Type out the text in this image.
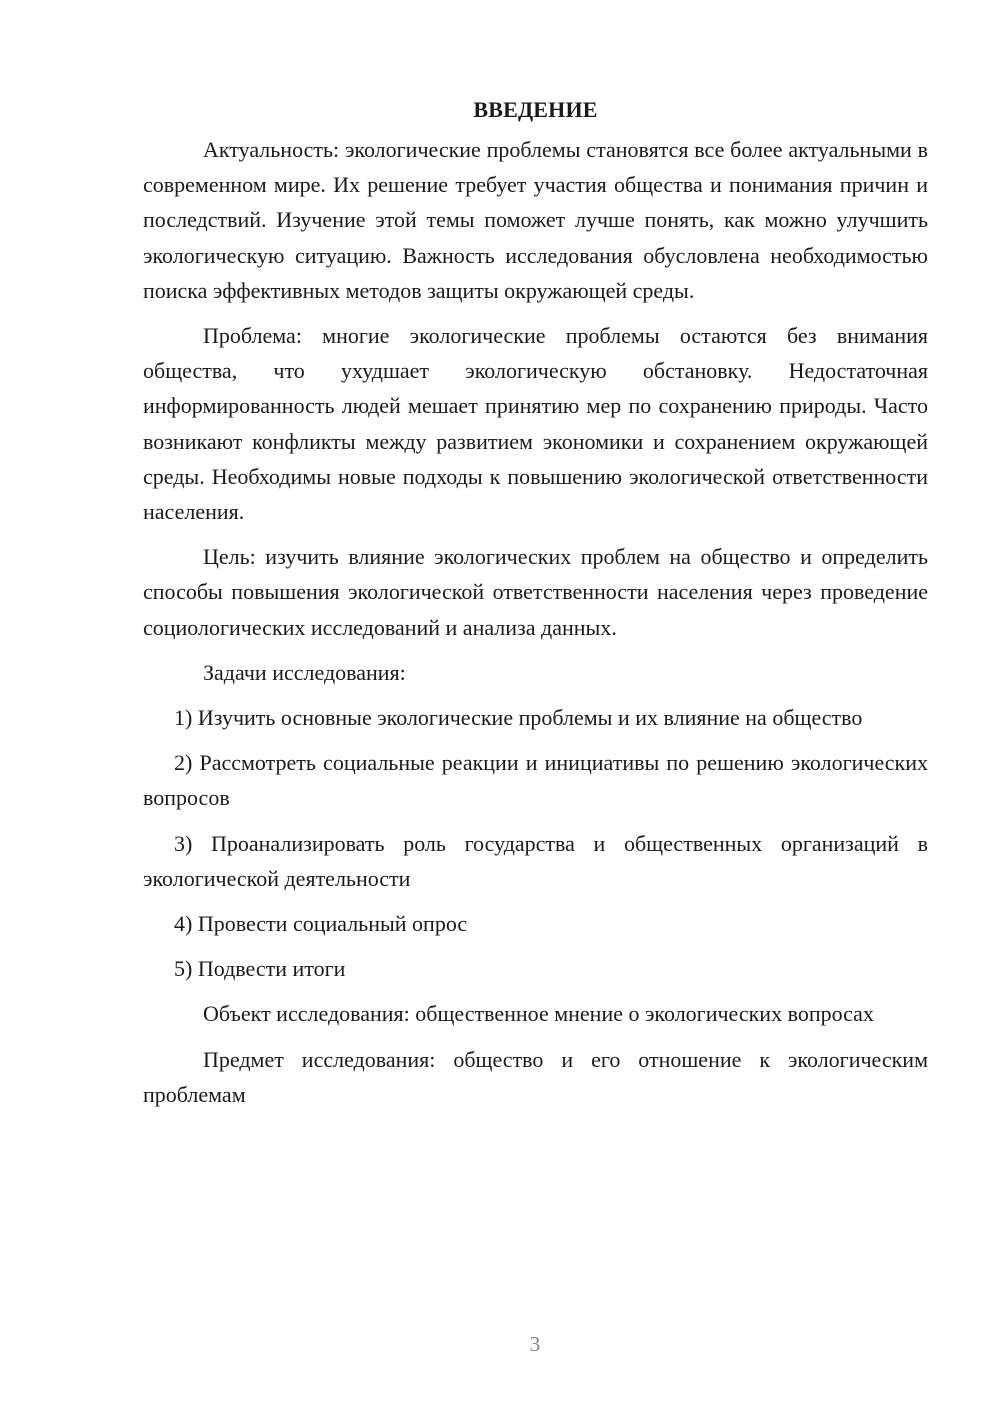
ВВЕДЕНИЕ

Актуальность: экологические проблемы становятся все более актуальными в современном мире. Их решение требует участия общества и понимания причин и последствий. Изучение этой темы поможет лучше понять, как можно улучшить экологическую ситуацию. Важность исследования обусловлена необходимостью поиска эффективных методов защиты окружающей среды.

Проблема: многие экологические проблемы остаются без внимания общества, что ухудшает экологическую обстановку. Недостаточная информированность людей мешает принятию мер по сохранению природы. Часто возникают конфликты между развитием экономики и сохранением окружающей среды. Необходимы новые подходы к повышению экологической ответственности населения.

Цель: изучить влияние экологических проблем на общество и определить способы повышения экологической ответственности населения через проведение социологических исследований и анализа данных.

Задачи исследования:

1) Изучить основные экологические проблемы и их влияние на общество

2) Рассмотреть социальные реакции и инициативы по решению экологических вопросов

3) Проанализировать роль государства и общественных организаций в экологической деятельности

4) Провести социальный опрос

5) Подвести итоги

Объект исследования: общественное мнение о экологических вопросах

Предмет исследования: общество и его отношение к экологическим проблемам

3
